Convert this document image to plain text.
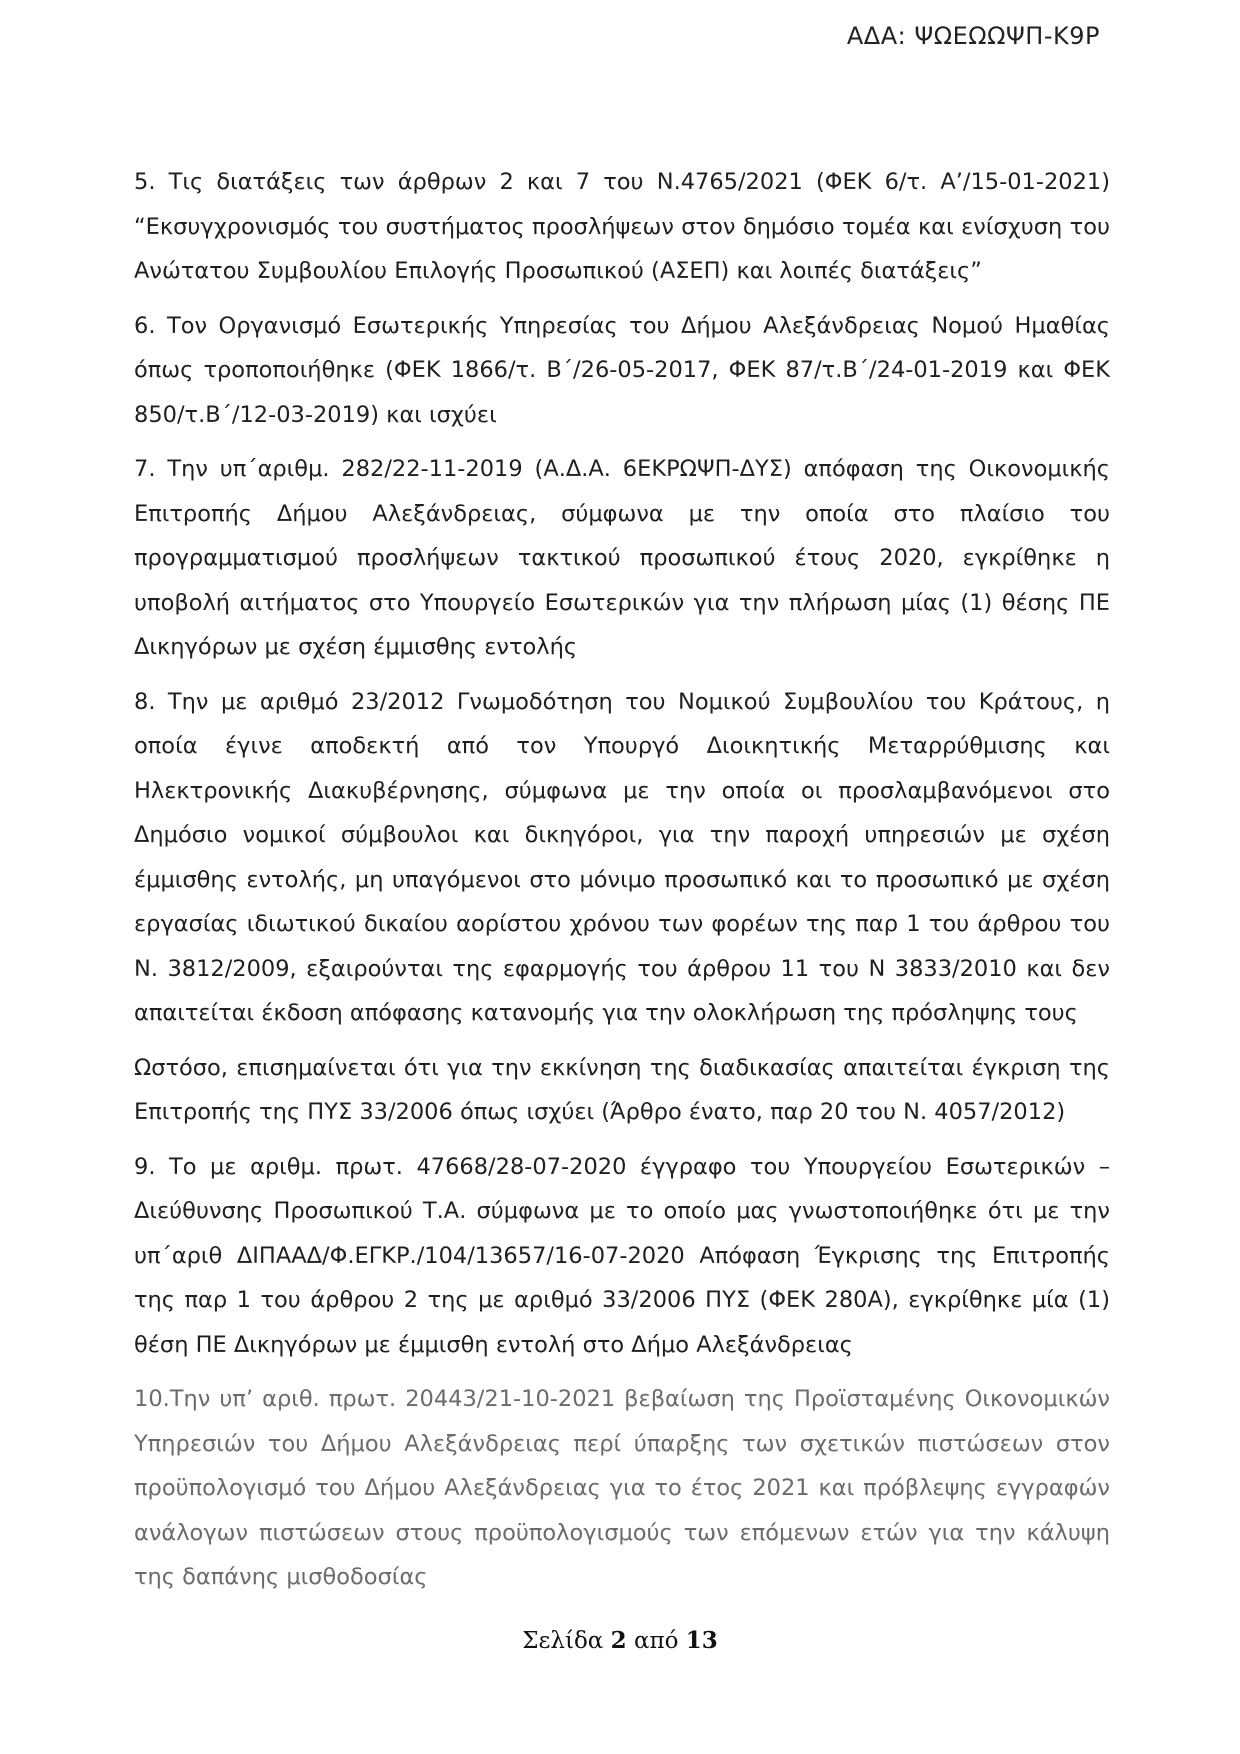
ΑΔΑ: ΨΩΕΩΩΨΠ-Κ9Ρ

5. Τις διατάξεις των άρθρων 2 και 7 του Ν.4765/2021 (ΦΕΚ 6/τ. Α’/15-01-2021) “Εκσυγχρονισμός του συστήματος προσλήψεων στον δημόσιο τομέα και ενίσχυση του Ανώτατου Συμβουλίου Επιλογής Προσωπικού (ΑΣΕΠ) και λοιπές διατάξεις”

6. Τον Οργανισμό Εσωτερικής Υπηρεσίας του Δήμου Αλεξάνδρειας Νομού Ημαθίας όπως τροποποιήθηκε (ΦΕΚ 1866/τ. Β΄/26-05-2017, ΦΕΚ 87/τ.Β΄/24-01-2019 και ΦΕΚ 850/τ.Β΄/12-03-2019) και ισχύει

7. Την υπ΄αριθμ. 282/22-11-2019 (Α.Δ.Α. 6ΕΚΡΩΨΠ-ΔΥΣ) απόφαση της Οικονομικής Επιτροπής Δήμου Αλεξάνδρειας, σύμφωνα με την οποία στο πλαίσιο του προγραμματισμού προσλήψεων τακτικού προσωπικού έτους 2020, εγκρίθηκε η υποβολή αιτήματος στο Υπουργείο Εσωτερικών για την πλήρωση μίας (1) θέσης ΠΕ Δικηγόρων με σχέση έμμισθης εντολής

8. Την με αριθμό 23/2012 Γνωμοδότηση του Νομικού Συμβουλίου του Κράτους, η οποία έγινε αποδεκτή από τον Υπουργό Διοικητικής Μεταρρύθμισης και Ηλεκτρονικής Διακυβέρνησης, σύμφωνα με την οποία οι προσλαμβανόμενοι στο Δημόσιο νομικοί σύμβουλοι και δικηγόροι, για την παροχή υπηρεσιών με σχέση έμμισθης εντολής, μη υπαγόμενοι στο μόνιμο προσωπικό και το προσωπικό με σχέση εργασίας ιδιωτικού δικαίου αορίστου χρόνου των φορέων της παρ 1 του άρθρου του Ν. 3812/2009, εξαιρούνται της εφαρμογής του άρθρου 11 του Ν 3833/2010 και δεν απαιτείται έκδοση απόφασης κατανομής για την ολοκλήρωση της πρόσληψης τους

Ωστόσο, επισημαίνεται ότι για την εκκίνηση της διαδικασίας απαιτείται έγκριση της Επιτροπής της ΠΥΣ 33/2006 όπως ισχύει (Άρθρο ένατο, παρ 20 του Ν. 4057/2012)

9. Το με αριθμ. πρωτ. 47668/28-07-2020 έγγραφο του Υπουργείου Εσωτερικών – Διεύθυνσης Προσωπικού Τ.Α. σύμφωνα με το οποίο μας γνωστοποιήθηκε ότι με την υπ΄αριθ ΔΙΠΑΑΔ/Φ.ΕΓΚΡ./104/13657/16-07-2020 Απόφαση Έγκρισης της Επιτροπής της παρ 1 του άρθρου 2 της με αριθμό 33/2006 ΠΥΣ (ΦΕΚ 280Α), εγκρίθηκε μία (1) θέση ΠΕ Δικηγόρων με έμμισθη εντολή στο Δήμο Αλεξάνδρειας

10.Την υπ’ αριθ. πρωτ. 20443/21-10-2021 βεβαίωση της Προϊσταμένης Οικονομικών Υπηρεσιών του Δήμου Αλεξάνδρειας περί ύπαρξης των σχετικών πιστώσεων στον προϋπολογισμό του Δήμου Αλεξάνδρειας για το έτος 2021 και πρόβλεψης εγγραφών ανάλογων πιστώσεων στους προϋπολογισμούς των επόμενων ετών για την κάλυψη της δαπάνης μισθοδοσίας

Σελίδα 2 από 13
